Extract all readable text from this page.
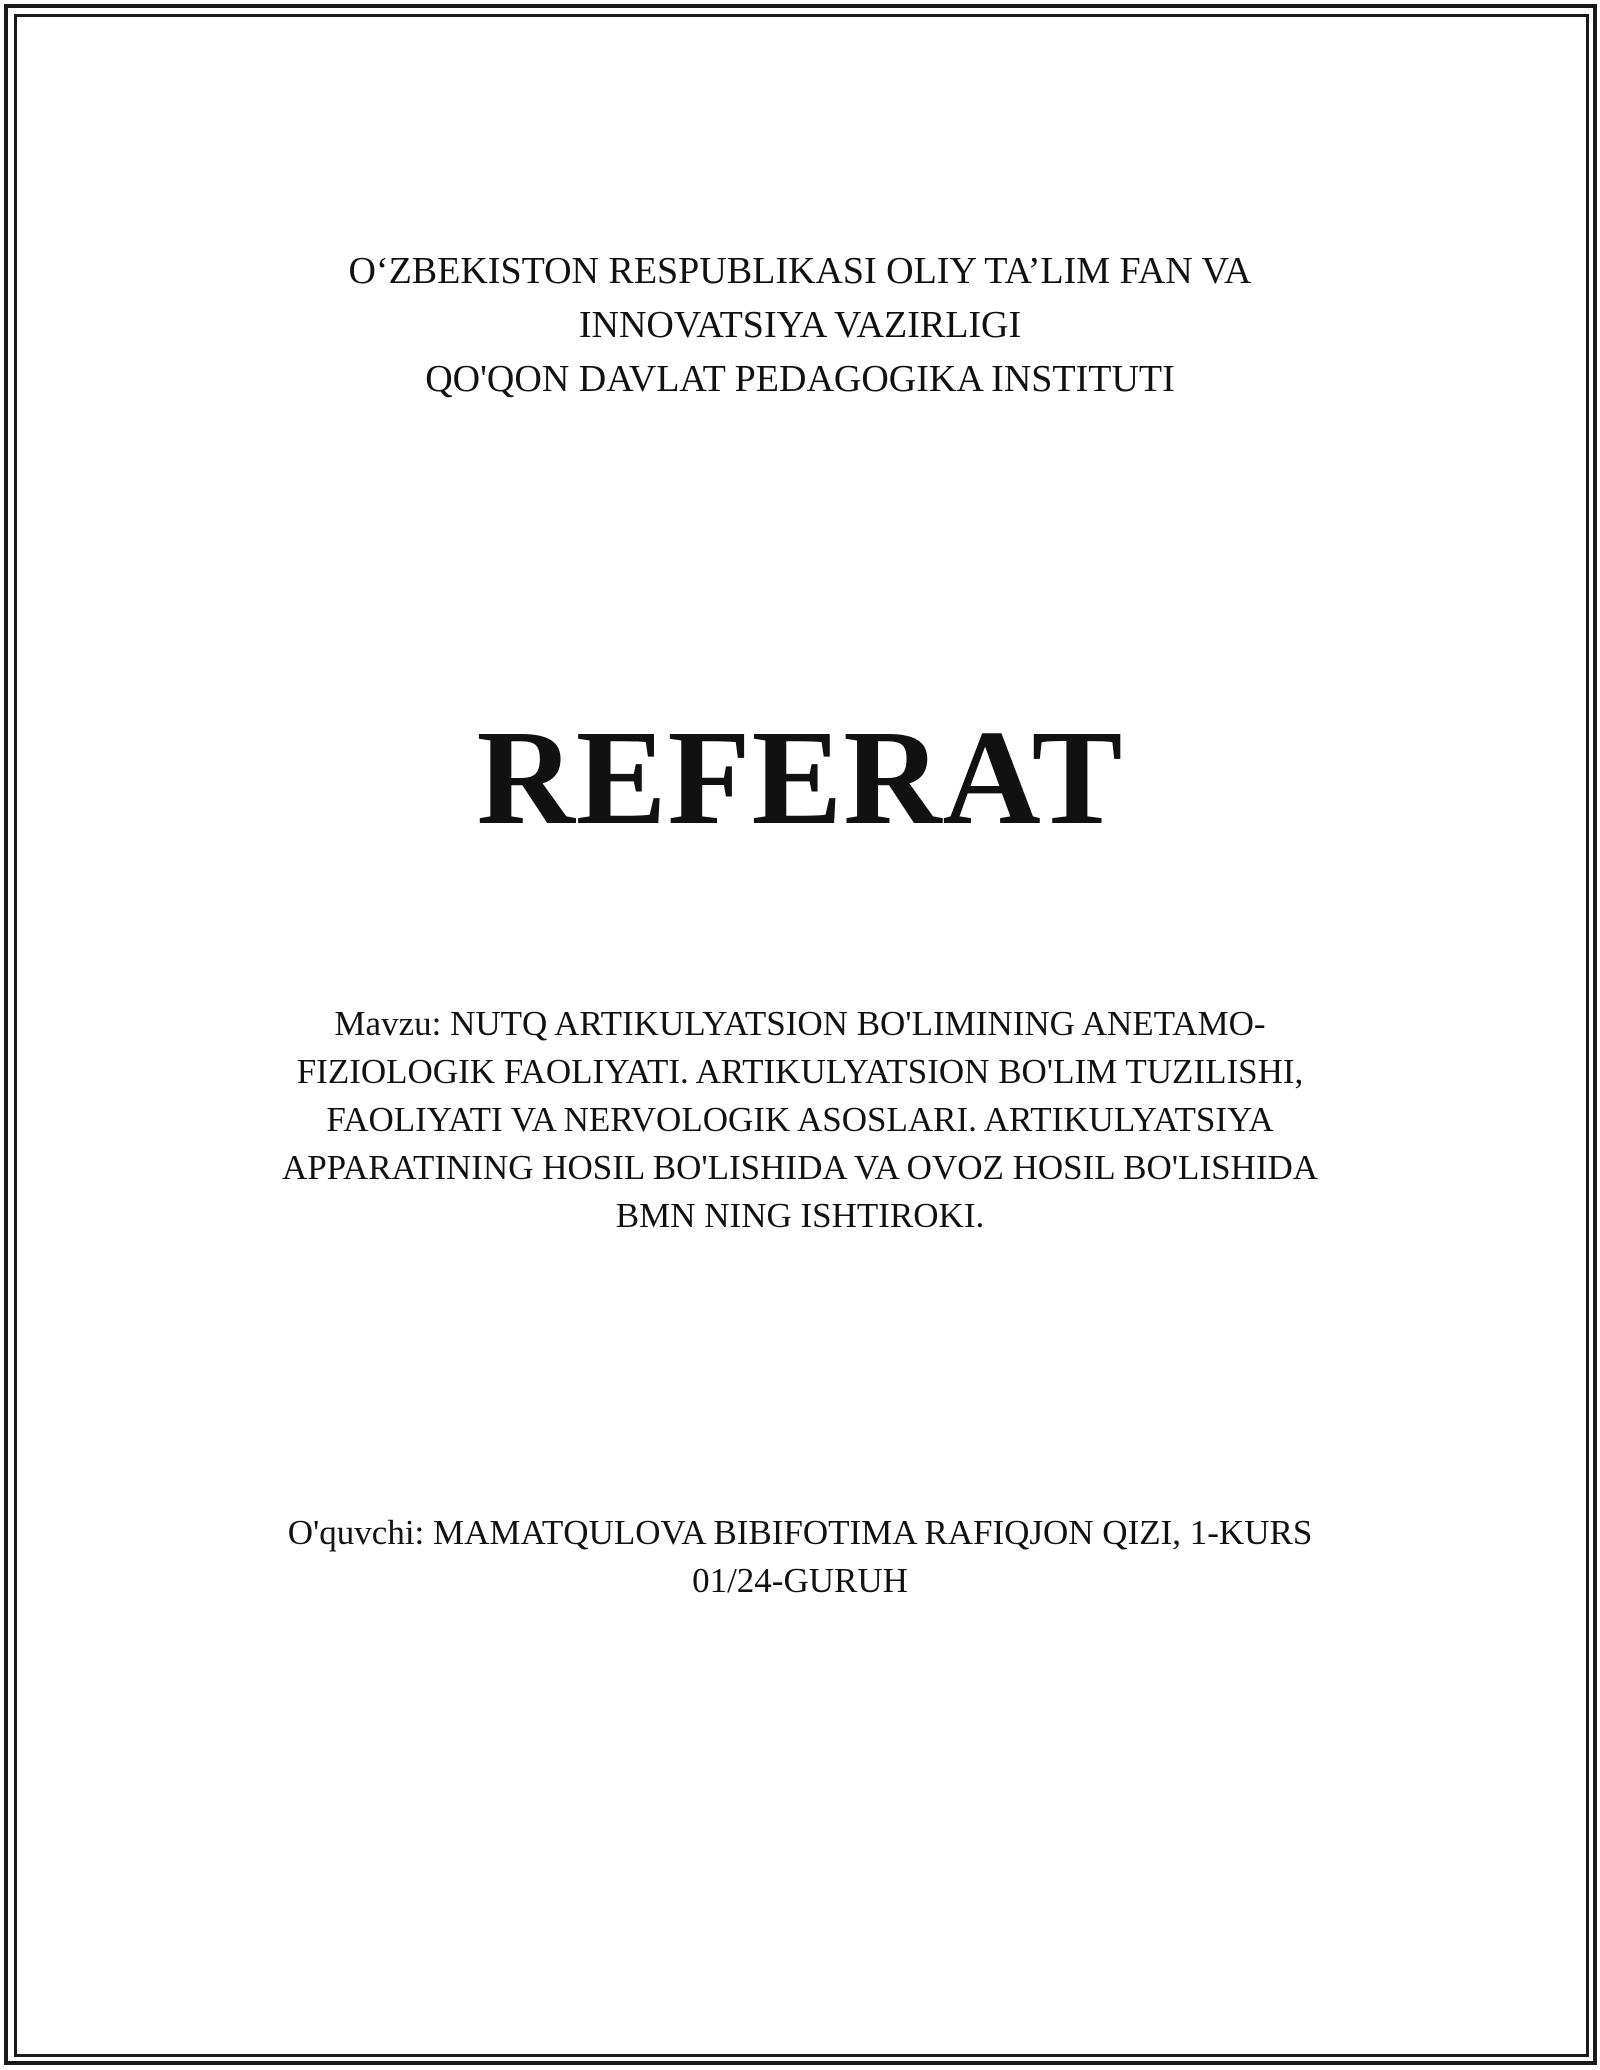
O‘ZBEKISTON RESPUBLIKASI OLIY TA’LIM FAN VA
INNOVATSIYA VAZIRLIGI
QO'QON DAVLAT PEDAGOGIKA INSTITUTI
REFERAT
Mavzu: NUTQ ARTIKULYATSION BO'LIMINING ANETAMO-
FIZIOLOGIK FAOLIYATI. ARTIKULYATSION BO'LIM TUZILISHI,
FAOLIYATI VA NERVOLOGIK ASOSLARI. ARTIKULYATSIYA
APPARATINING HOSIL BO'LISHIDA VA OVOZ HOSIL BO'LISHIDA
BMN NING ISHTIROKI.
O'quvchi: MAMATQULOVA BIBIFOTIMA RAFIQJON QIZI, 1-KURS
01/24-GURUH
